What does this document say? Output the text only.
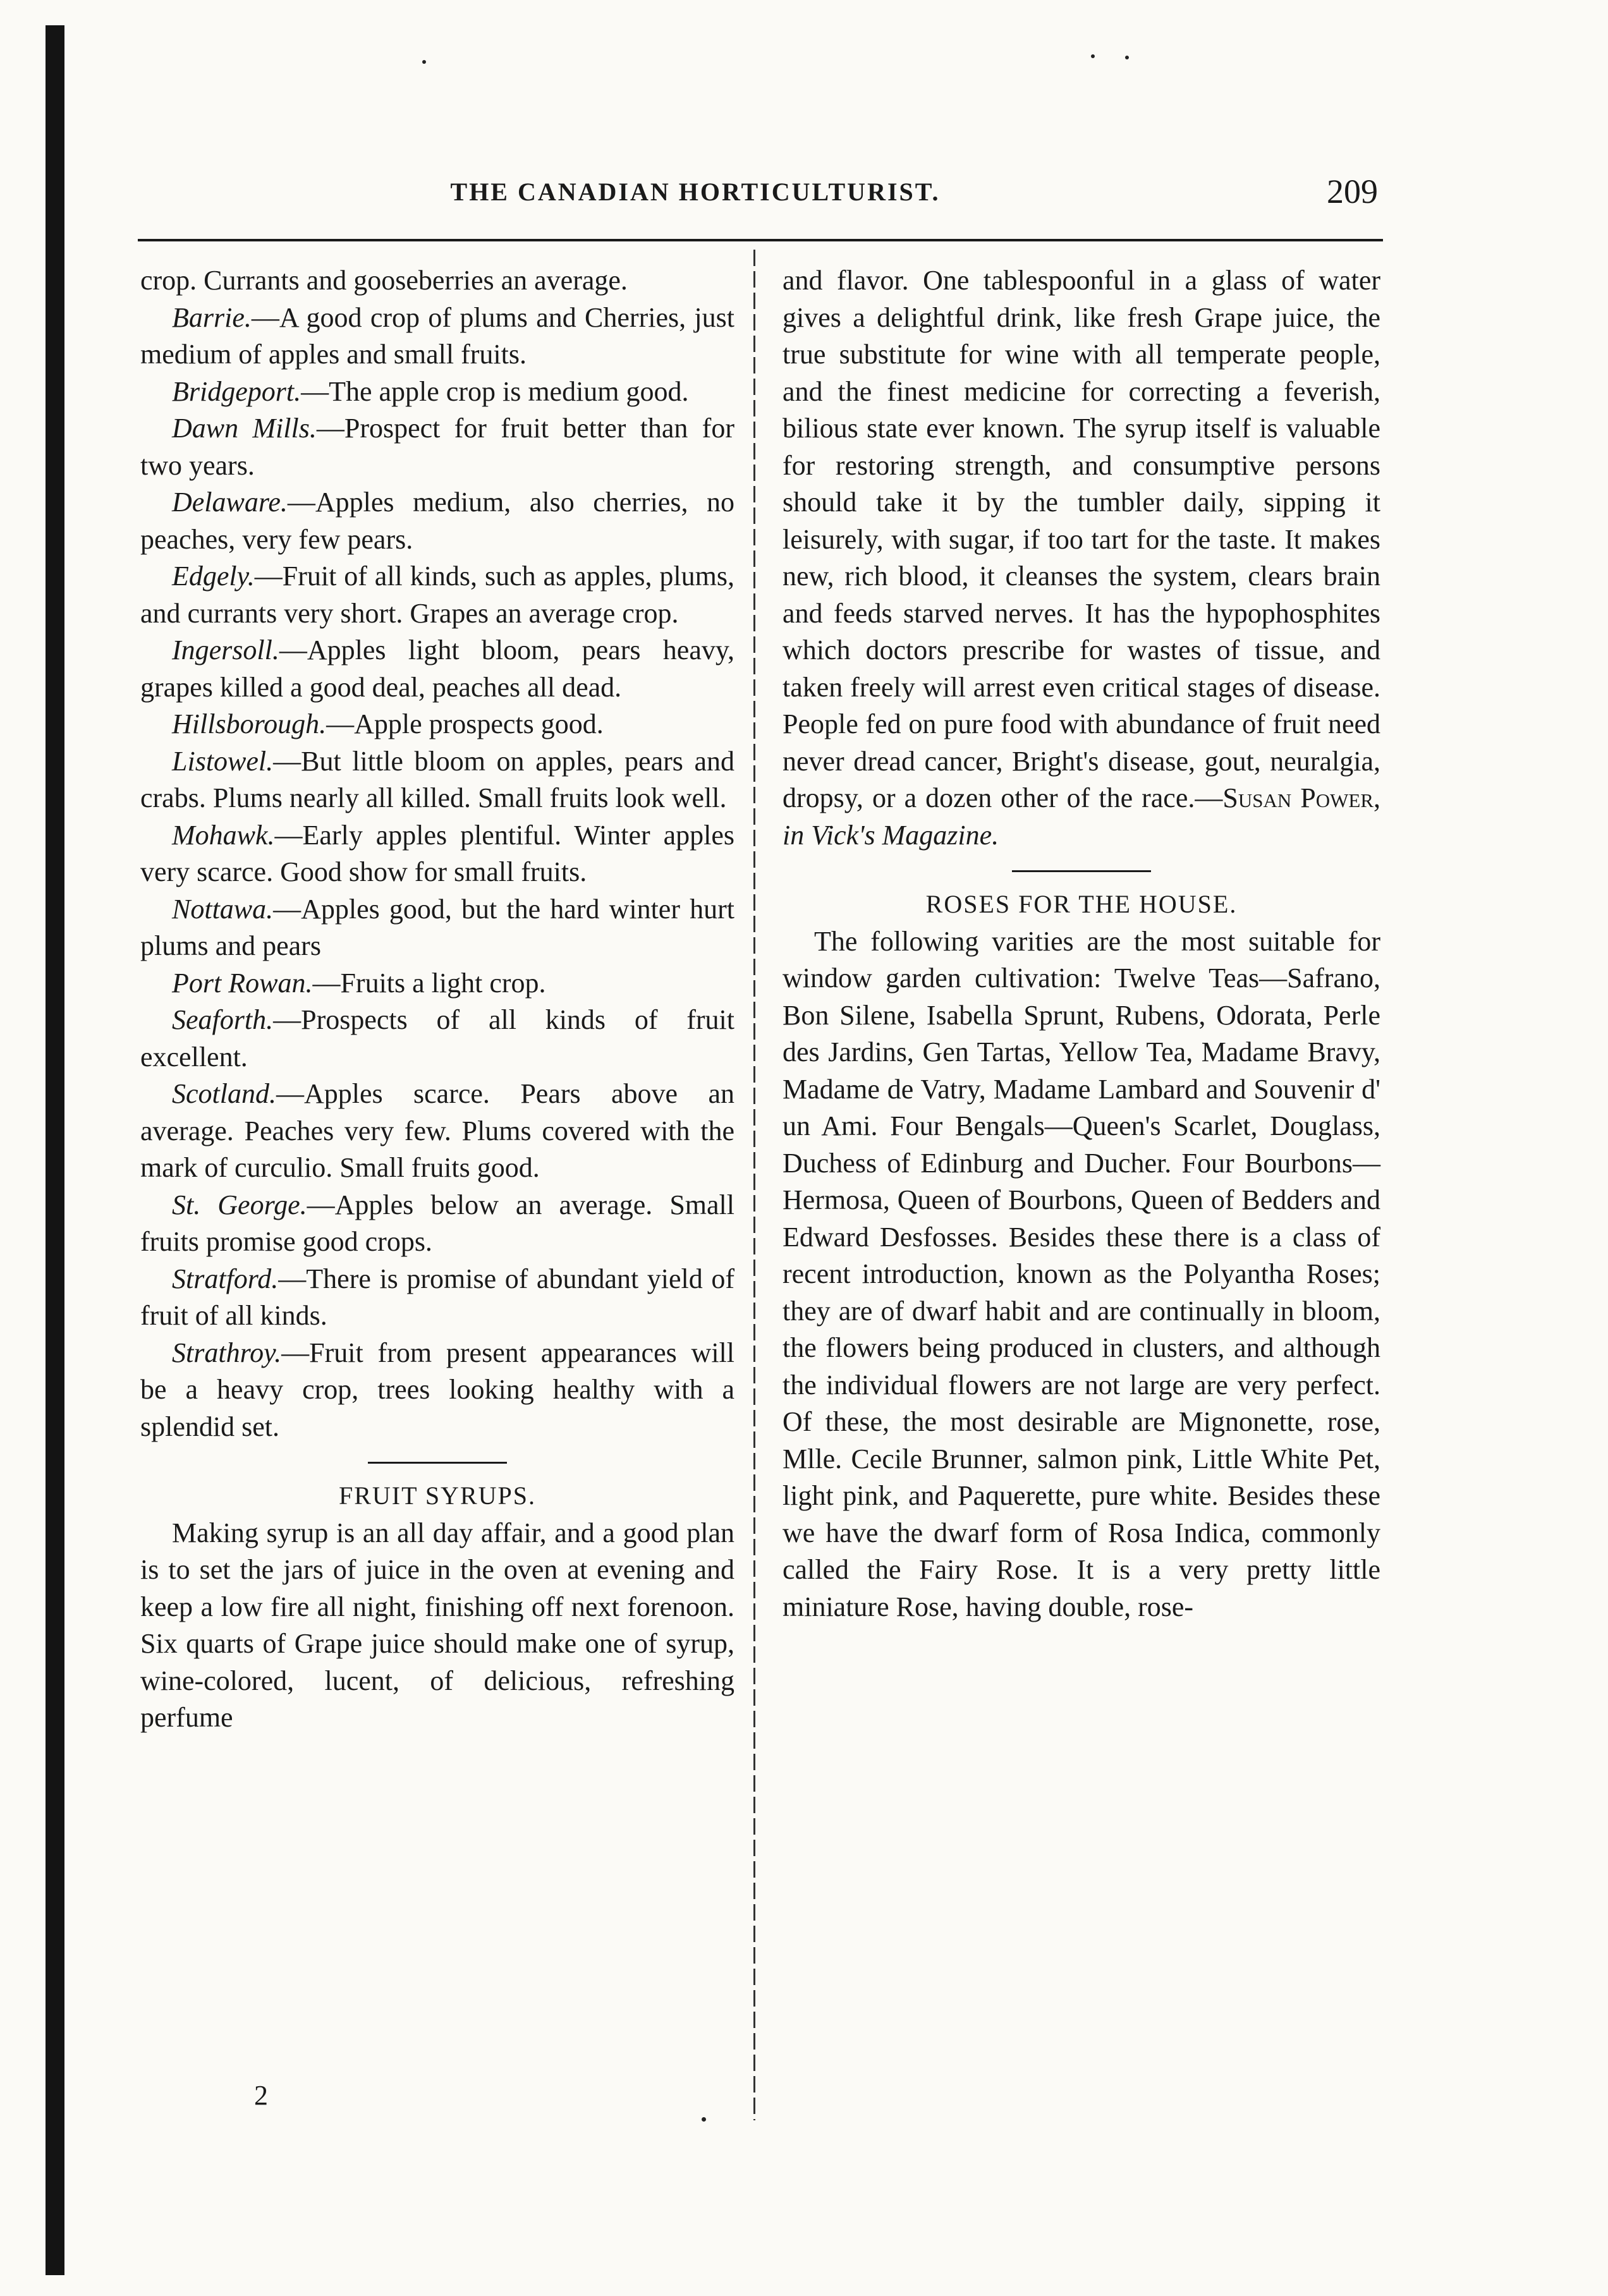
THE CANADIAN HORTICULTURIST.	209

crop. Currants and gooseberries an average.

Barrie.—A good crop of plums and Cherries, just medium of apples and small fruits.

Bridgeport.—The apple crop is medium good.

Dawn Mills.—Prospect for fruit better than for two years.

Delaware.—Apples medium, also cherries, no peaches, very few pears.

Edgely.—Fruit of all kinds, such as apples, plums, and currants very short. Grapes an average crop.

Ingersoll.—Apples light bloom, pears heavy, grapes killed a good deal, peaches all dead.

Hillsborough.—Apple prospects good.

Listowel.—But little bloom on apples, pears and crabs. Plums nearly all killed. Small fruits look well.

Mohawk.—Early apples plentiful. Winter apples very scarce. Good show for small fruits.

Nottawa.—Apples good, but the hard winter hurt plums and pears

Port Rowan.—Fruits a light crop.

Seaforth.—Prospects of all kinds of fruit excellent.

Scotland.—Apples scarce. Pears above an average. Peaches very few. Plums covered with the mark of curculio. Small fruits good.

St. George.—Apples below an average. Small fruits promise good crops.

Stratford.—There is promise of abundant yield of fruit of all kinds.

Strathroy.—Fruit from present appearances will be a heavy crop, trees looking healthy with a splendid set.

FRUIT SYRUPS.

Making syrup is an all day affair, and a good plan is to set the jars of juice in the oven at evening and keep a low fire all night, finishing off next forenoon. Six quarts of Grape juice should make one of syrup, wine-colored, lucent, of delicious, refreshing perfume

and flavor. One tablespoonful in a glass of water gives a delightful drink, like fresh Grape juice, the true substitute for wine with all temperate people, and the finest medicine for correcting a feverish, bilious state ever known. The syrup itself is valuable for restoring strength, and consumptive persons should take it by the tumbler daily, sipping it leisurely, with sugar, if too tart for the taste. It makes new, rich blood, it cleanses the system, clears brain and feeds starved nerves. It has the hypophosphites which doctors prescribe for wastes of tissue, and taken freely will arrest even critical stages of disease. People fed on pure food with abundance of fruit need never dread cancer, Bright's disease, gout, neuralgia, dropsy, or a dozen other of the race.—Susan Power, in Vick's Magazine.

ROSES FOR THE HOUSE.

The following varities are the most suitable for window garden cultivation: Twelve Teas—Safrano, Bon Silene, Isabella Sprunt, Rubens, Odorata, Perle des Jardins, Gen Tartas, Yellow Tea, Madame Bravy, Madame de Vatry, Madame Lambard and Souvenir d' un Ami. Four Bengals—Queen's Scarlet, Douglass, Duchess of Edinburg and Ducher. Four Bourbons—Hermosa, Queen of Bourbons, Queen of Bedders and Edward Desfosses. Besides these there is a class of recent introduction, known as the Polyantha Roses; they are of dwarf habit and are continually in bloom, the flowers being produced in clusters, and although the individual flowers are not large are very perfect. Of these, the most desirable are Mignonette, rose, Mlle. Cecile Brunner, salmon pink, Little White Pet, light pink, and Paquerette, pure white. Besides these we have the dwarf form of Rosa Indica, commonly called the Fairy Rose. It is a very pretty little miniature Rose, having double, rose-

2
